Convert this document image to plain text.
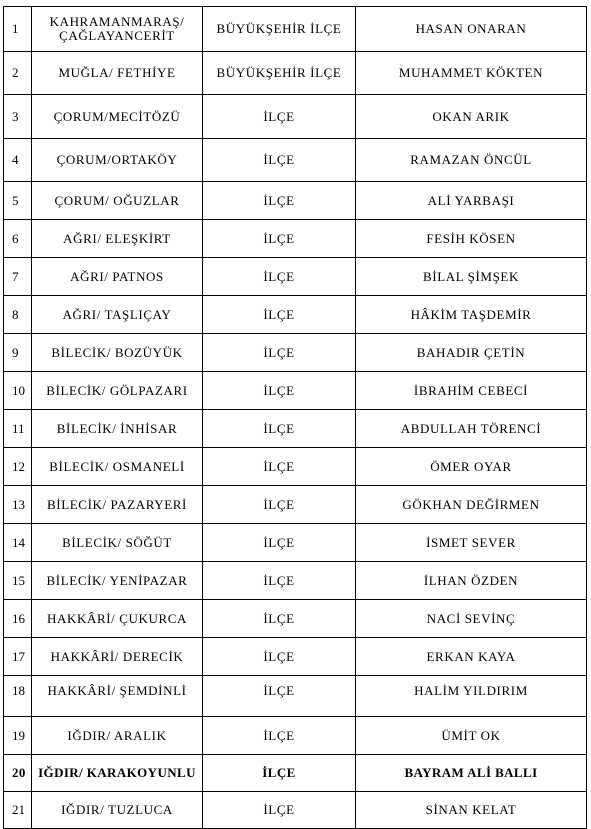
1	KAHRAMANMARAŞ/ ÇAĞLAYANCERİT	BÜYÜKŞEHİR İLÇE	HASAN ONARAN
2	MUĞLA/ FETHİYE	BÜYÜKŞEHİR İLÇE	MUHAMMET KÖKTEN
3	ÇORUM/MECİTÖZÜ	İLÇE	OKAN ARIK
4	ÇORUM/ORTAKÖY	İLÇE	RAMAZAN ÖNCÜL
5	ÇORUM/ OĞUZLAR	İLÇE	ALİ YARBAŞI
6	AĞRI/ ELEŞKİRT	İLÇE	FESİH KÖSEN
7	AĞRI/ PATNOS	İLÇE	BİLAL ŞİMŞEK
8	AĞRI/ TAŞLIÇAY	İLÇE	HÂKİM TAŞDEMİR
9	BİLECİK/ BOZÜYÜK	İLÇE	BAHADIR ÇETİN
10	BİLECİK/ GÖLPAZARI	İLÇE	İBRAHİM CEBECİ
11	BİLECİK/ İNHİSAR	İLÇE	ABDULLAH TÖRENCİ
12	BİLECİK/ OSMANELİ	İLÇE	ÖMER OYAR
13	BİLECİK/ PAZARYERİ	İLÇE	GÖKHAN DEĞİRMEN
14	BİLECİK/ SÖĞÜT	İLÇE	İSMET SEVER
15	BİLECİK/ YENİPAZAR	İLÇE	İLHAN ÖZDEN
16	HAKKÂRİ/ ÇUKURCA	İLÇE	NACİ SEVİNÇ
17	HAKKÂRİ/ DERECİK	İLÇE	ERKAN KAYA
18	HAKKÂRİ/ ŞEMDİNLİ	İLÇE	HALİM YILDIRIM
19	IĞDIR/ ARALIK	İLÇE	ÜMİT OK
20	IĞDIR/ KARAKOYUNLU	İLÇE	BAYRAM ALİ BALLI
21	IĞDIR/ TUZLUCA	İLÇE	SİNAN KELAT
